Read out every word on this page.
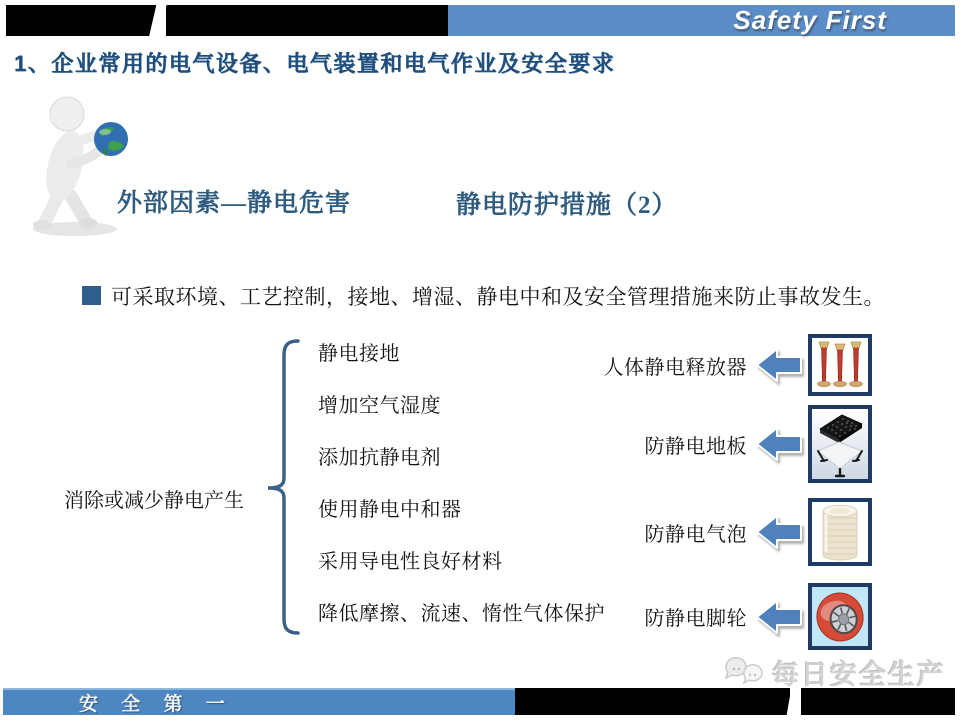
Safety First
1、企业常用的电气设备、电气装置和电气作业及安全要求
外部因素—静电危害	静电防护措施（2）
可采取环境、工艺控制，接地、增湿、静电中和及安全管理措施来防止事故发生。
消除或减少静电产生
静电接地
增加空气湿度
添加抗静电剂
使用静电中和器
采用导电性良好材料
降低摩擦、流速、惰性气体保护
人体静电释放器
防静电地板
防静电气泡
防静电脚轮
安 全 第 一
每日安全生产
